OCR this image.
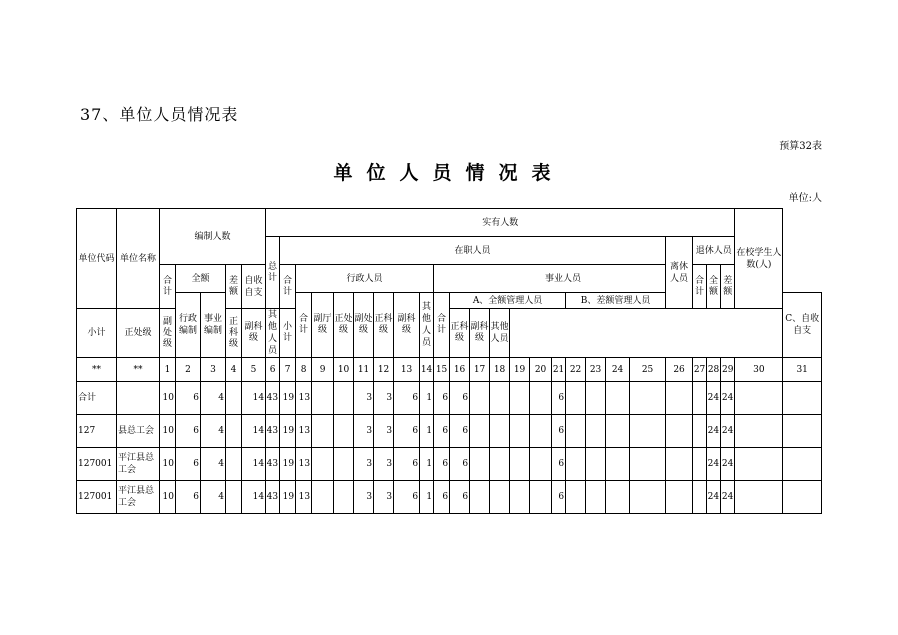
37、单位人员情况表
预算32表
单位人员情况表
单位:人
单位代码	单位名称	编制人数					实有人数																								在校学生人数(人)	
							总计	在职人员																			离休人员	退休人员				
		合计	全额		差额	自收自支		合计	行政人员							事业人员												合计	全额	差额		
			行政编制	事业编制					合计	副厅级	正处级	副处级	正科级	副科级	其他人员	合计	A、全额管理人员						B、差额管理人员									C、自收自支
小计	正处级	副处级			正科级	副科级	其他人员	小计									正科级	副科级	其他人员													
**	**	1	2	3	4	5	6	7	8	9	10	11	12	13	14	15	16	17	18	19	20	21	22	23	24	25	26	27	28	29	30	31
合计		10	6	4		14	43	19	13			3	3	6	1	6	6					6							24	24		
127	县总工会	10	6	4		14	43	19	13			3	3	6	1	6	6					6							24	24		
127001	平江县总工会	10	6	4		14	43	19	13			3	3	6	1	6	6					6							24	24		
127001	平江县总工会	10	6	4		14	43	19	13			3	3	6	1	6	6					6							24	24		
